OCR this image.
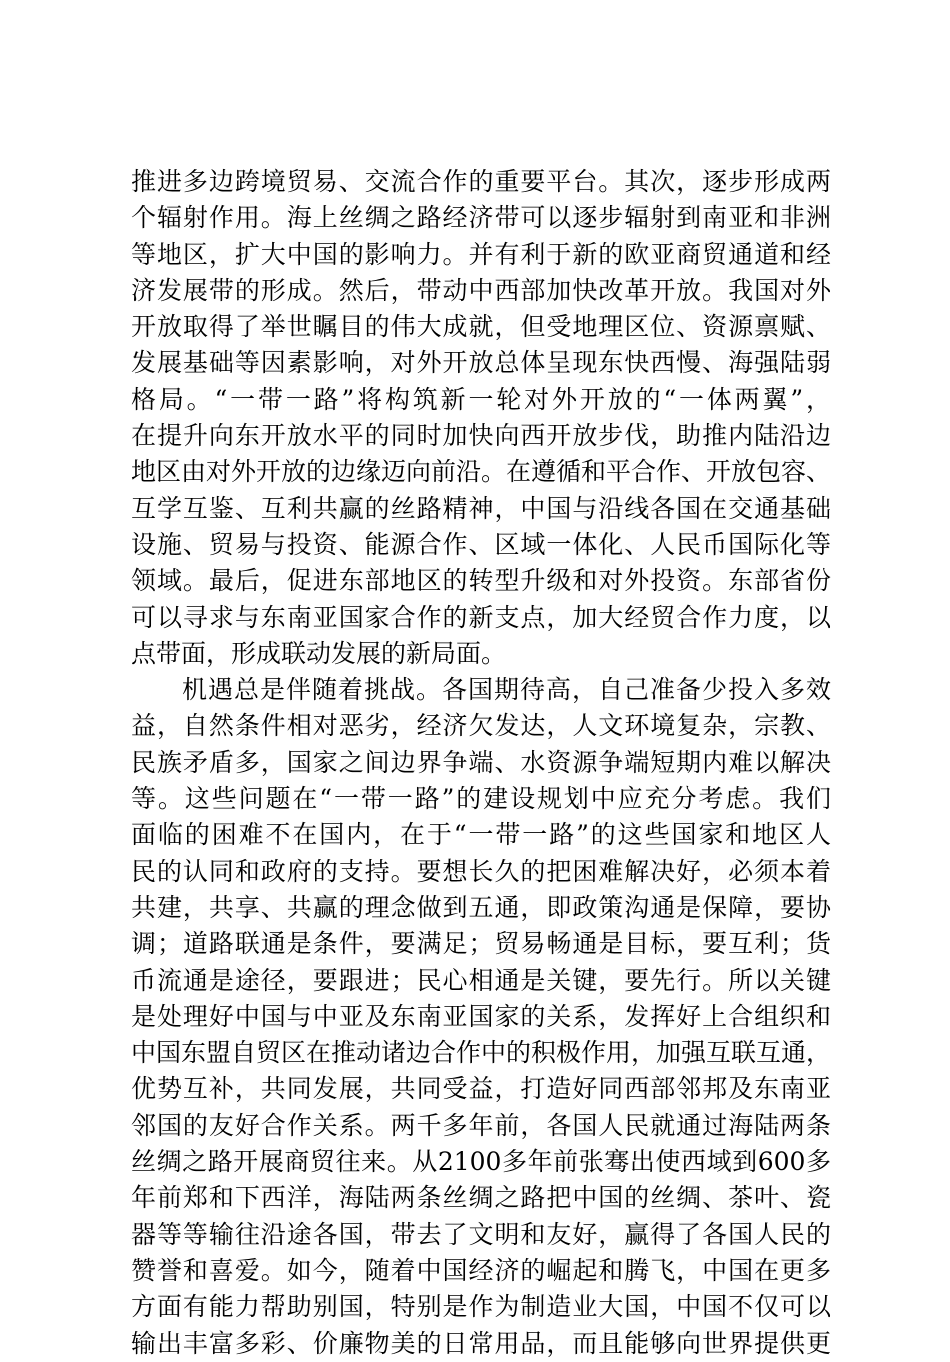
推进多边跨境贸易、交流合作的重要平台。其次，逐步形成两
个辐射作用。海上丝绸之路经济带可以逐步辐射到南亚和非洲
等地区，扩大中国的影响力。并有利于新的欧亚商贸通道和经
济发展带的形成。然后，带动中西部加快改革开放。我国对外
开放取得了举世瞩目的伟大成就，但受地理区位、资源禀赋、
发展基础等因素影响，对外开放总体呈现东快西慢、海强陆弱
格局。“一带一路”将构筑新一轮对外开放的“一体两翼”，
在提升向东开放水平的同时加快向西开放步伐，助推内陆沿边
地区由对外开放的边缘迈向前沿。在遵循和平合作、开放包容、
互学互鉴、互利共赢的丝路精神，中国与沿线各国在交通基础
设施、贸易与投资、能源合作、区域一体化、人民币国际化等
领域。最后，促进东部地区的转型升级和对外投资。东部省份
可以寻求与东南亚国家合作的新支点，加大经贸合作力度，以
点带面，形成联动发展的新局面。
机遇总是伴随着挑战。各国期待高，自己准备少投入多效
益，自然条件相对恶劣，经济欠发达，人文环境复杂，宗教、
民族矛盾多，国家之间边界争端、水资源争端短期内难以解决
等。这些问题在“一带一路”的建设规划中应充分考虑。我们
面临的困难不在国内，在于“一带一路”的这些国家和地区人
民的认同和政府的支持。要想长久的把困难解决好，必须本着
共建，共享、共赢的理念做到五通，即政策沟通是保障，要协
调；道路联通是条件，要满足；贸易畅通是目标，要互利；货
币流通是途径，要跟进；民心相通是关键，要先行。所以关键
是处理好中国与中亚及东南亚国家的关系，发挥好上合组织和
中国东盟自贸区在推动诸边合作中的积极作用，加强互联互通，
优势互补，共同发展，共同受益，打造好同西部邻邦及东南亚
邻国的友好合作关系。两千多年前，各国人民就通过海陆两条
丝绸之路开展商贸往来。从2100多年前张骞出使西域到600多
年前郑和下西洋，海陆两条丝绸之路把中国的丝绸、茶叶、瓷
器等等输往沿途各国，带去了文明和友好，赢得了各国人民的
赞誉和喜爱。如今，随着中国经济的崛起和腾飞，中国在更多
方面有能力帮助别国，特别是作为制造业大国，中国不仅可以
输出丰富多彩、价廉物美的日常用品，而且能够向世界提供更
